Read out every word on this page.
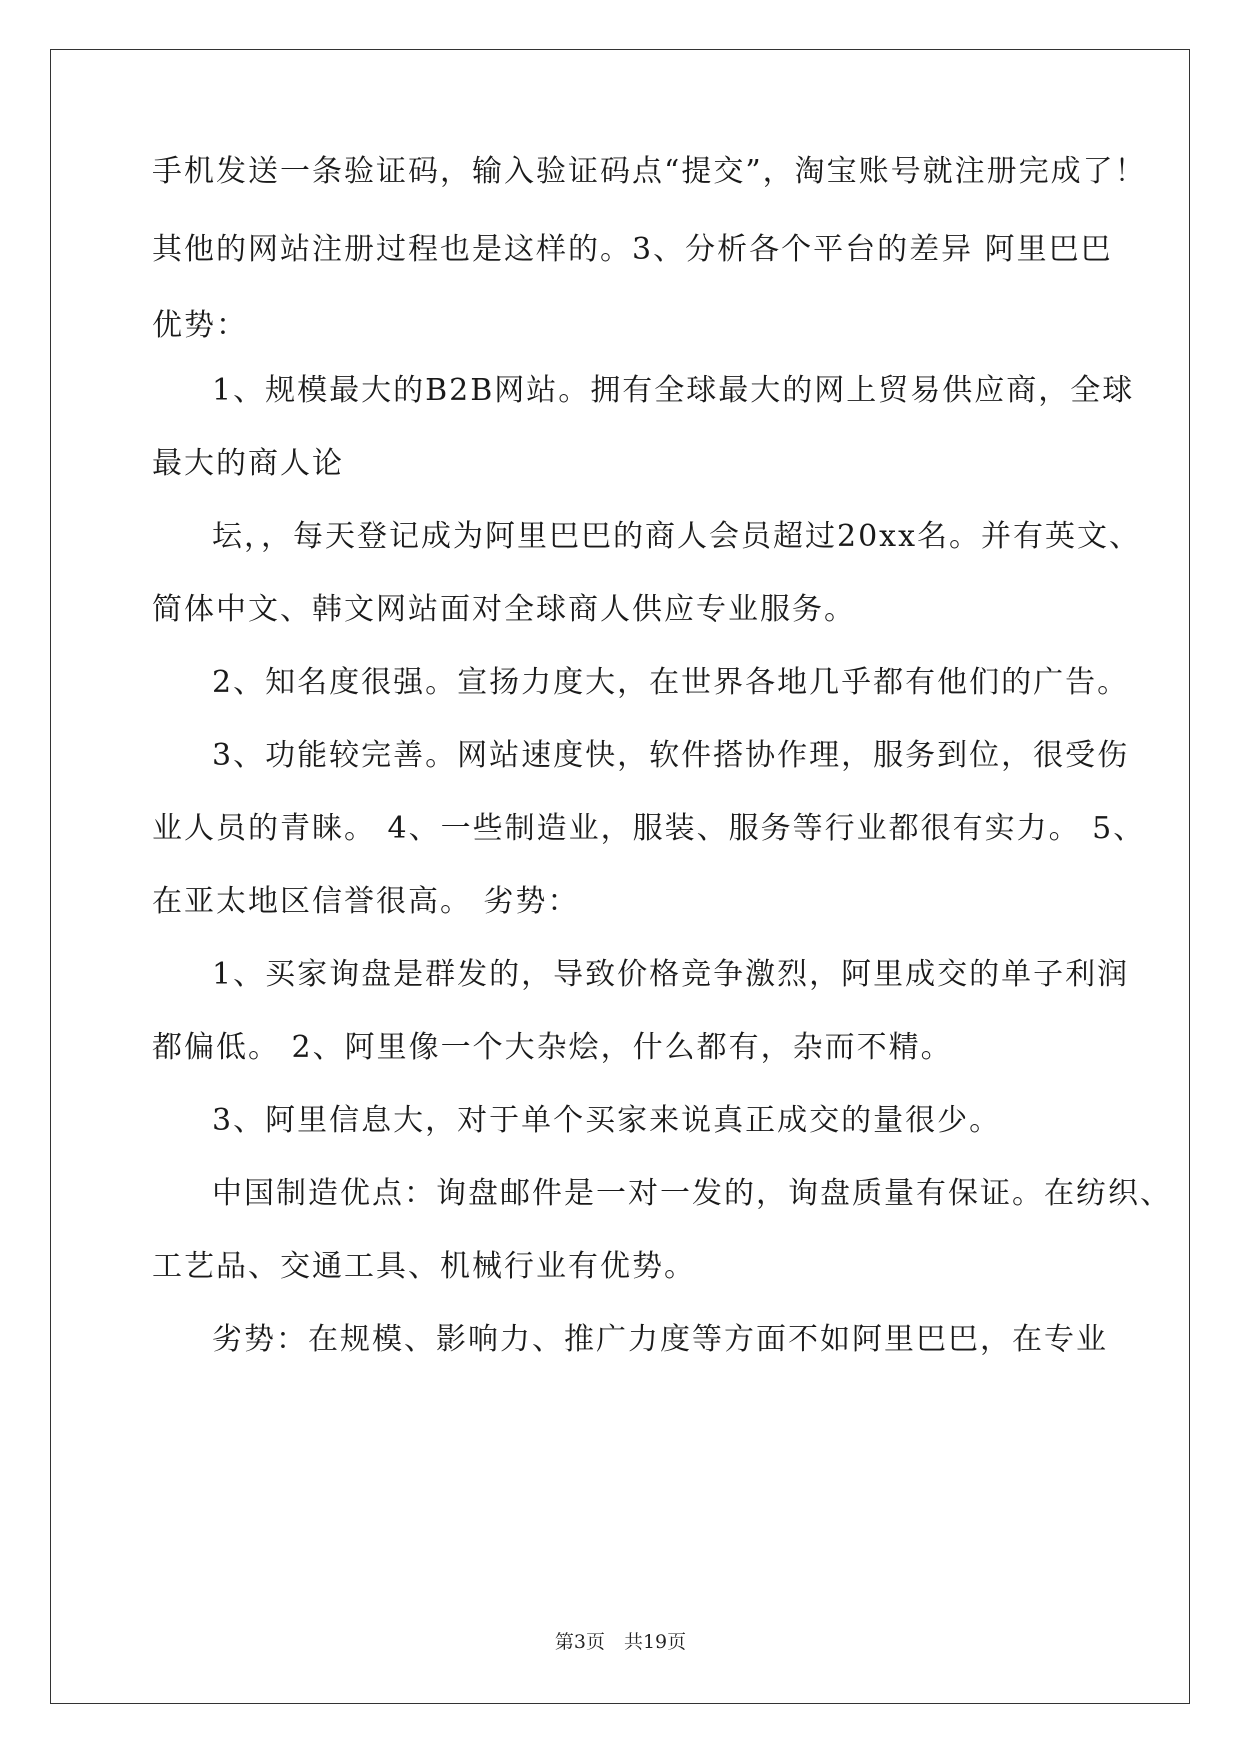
手机发送一条验证码，输入验证码点“提交”，淘宝账号就注册完成了！
其他的网站注册过程也是这样的。3、分析各个平台的差异 阿里巴巴
优势：
1、规模最大的B2B网站。拥有全球最大的网上贸易供应商，全球
最大的商人论
坛，，每天登记成为阿里巴巴的商人会员超过20xx名。并有英文、
简体中文、韩文网站面对全球商人供应专业服务。
2、知名度很强。宣扬力度大，在世界各地几乎都有他们的广告。
3、功能较完善。网站速度快，软件搭协作理，服务到位，很受伤
业人员的青睐。 4、一些制造业，服装、服务等行业都很有实力。 5、
在亚太地区信誉很高。 劣势：
1、买家询盘是群发的，导致价格竞争激烈，阿里成交的单子利润
都偏低。 2、阿里像一个大杂烩，什么都有，杂而不精。
3、阿里信息大，对于单个买家来说真正成交的量很少。
中国制造优点：询盘邮件是一对一发的，询盘质量有保证。在纺织、
工艺品、交通工具、机械行业有优势。
劣势：在规模、影响力、推广力度等方面不如阿里巴巴，在专业
第3页　共19页
